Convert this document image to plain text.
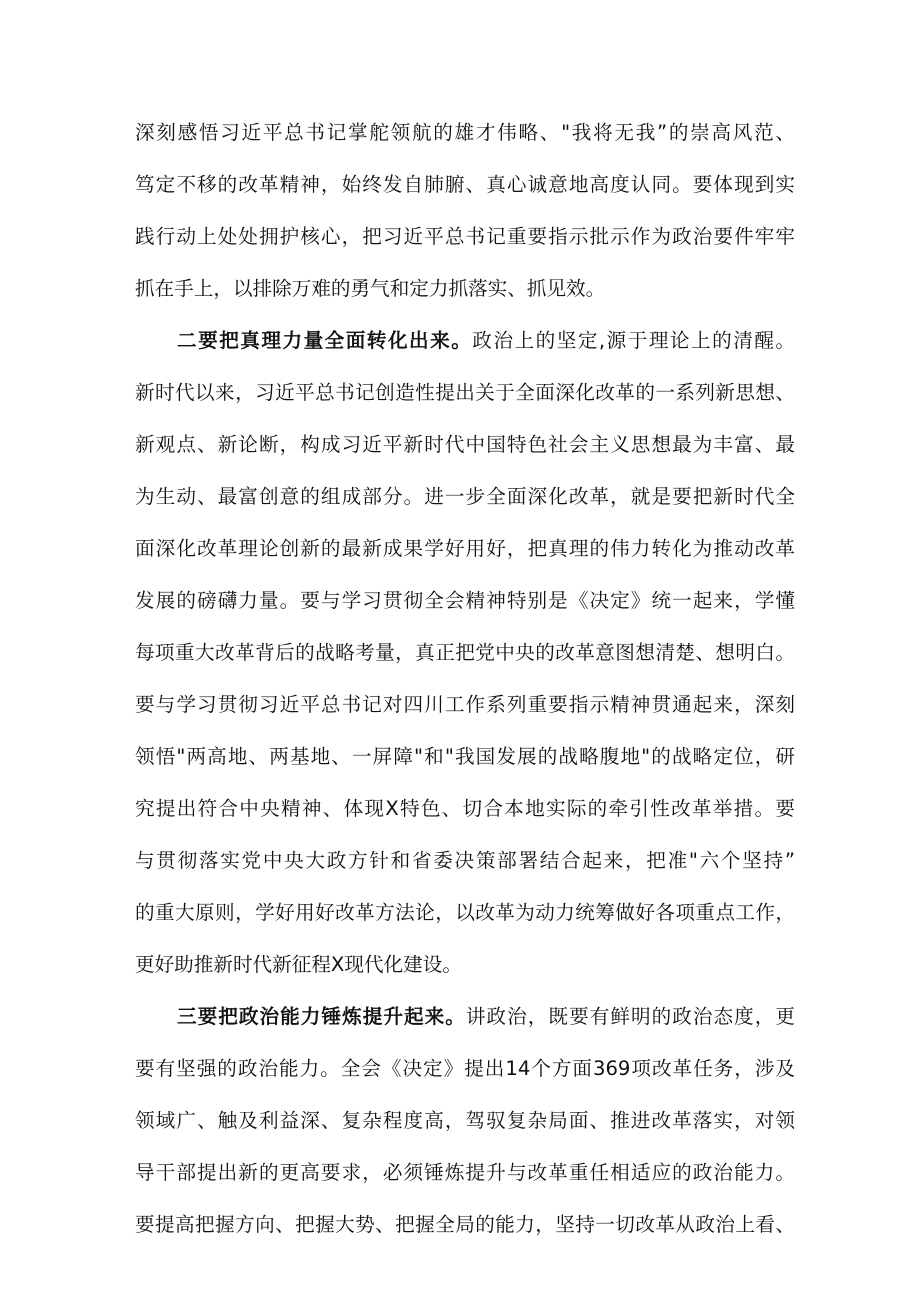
深刻感悟习近平总书记掌舵领航的雄才伟略、"我将无我”的崇高风范、
笃定不移的改革精神，始终发自肺腑、真心诚意地高度认同。要体现到实
践行动上处处拥护核心，把习近平总书记重要指示批示作为政治要件牢牢
抓在手上，以排除万难的勇气和定力抓落实、抓见效。
二要把真理力量全面转化出来。政治上的坚定,源于理论上的清醒。
新时代以来，习近平总书记创造性提出关于全面深化改革的一系列新思想、
新观点、新论断，构成习近平新时代中国特色社会主义思想最为丰富、最
为生动、最富创意的组成部分。进一步全面深化改革，就是要把新时代全
面深化改革理论创新的最新成果学好用好，把真理的伟力转化为推动改革
发展的磅礴力量。要与学习贯彻全会精神特别是《决定》统一起来，学懂
每项重大改革背后的战略考量，真正把党中央的改革意图想清楚、想明白。
要与学习贯彻习近平总书记对四川工作系列重要指示精神贯通起来，深刻
领悟"两高地、两基地、一屏障"和"我国发展的战略腹地"的战略定位，研
究提出符合中央精神、体现X特色、切合本地实际的牵引性改革举措。要
与贯彻落实党中央大政方针和省委决策部署结合起来，把准"六个坚持”
的重大原则，学好用好改革方法论，以改革为动力统筹做好各项重点工作，
更好助推新时代新征程X现代化建设。
三要把政治能力锤炼提升起来。讲政治，既要有鲜明的政治态度，更
要有坚强的政治能力。全会《决定》提出14个方面369项改革任务，涉及
领域广、触及利益深、复杂程度高，驾驭复杂局面、推进改革落实，对领
导干部提出新的更高要求，必须锤炼提升与改革重任相适应的政治能力。
要提高把握方向、把握大势、把握全局的能力，坚持一切改革从政治上看、
